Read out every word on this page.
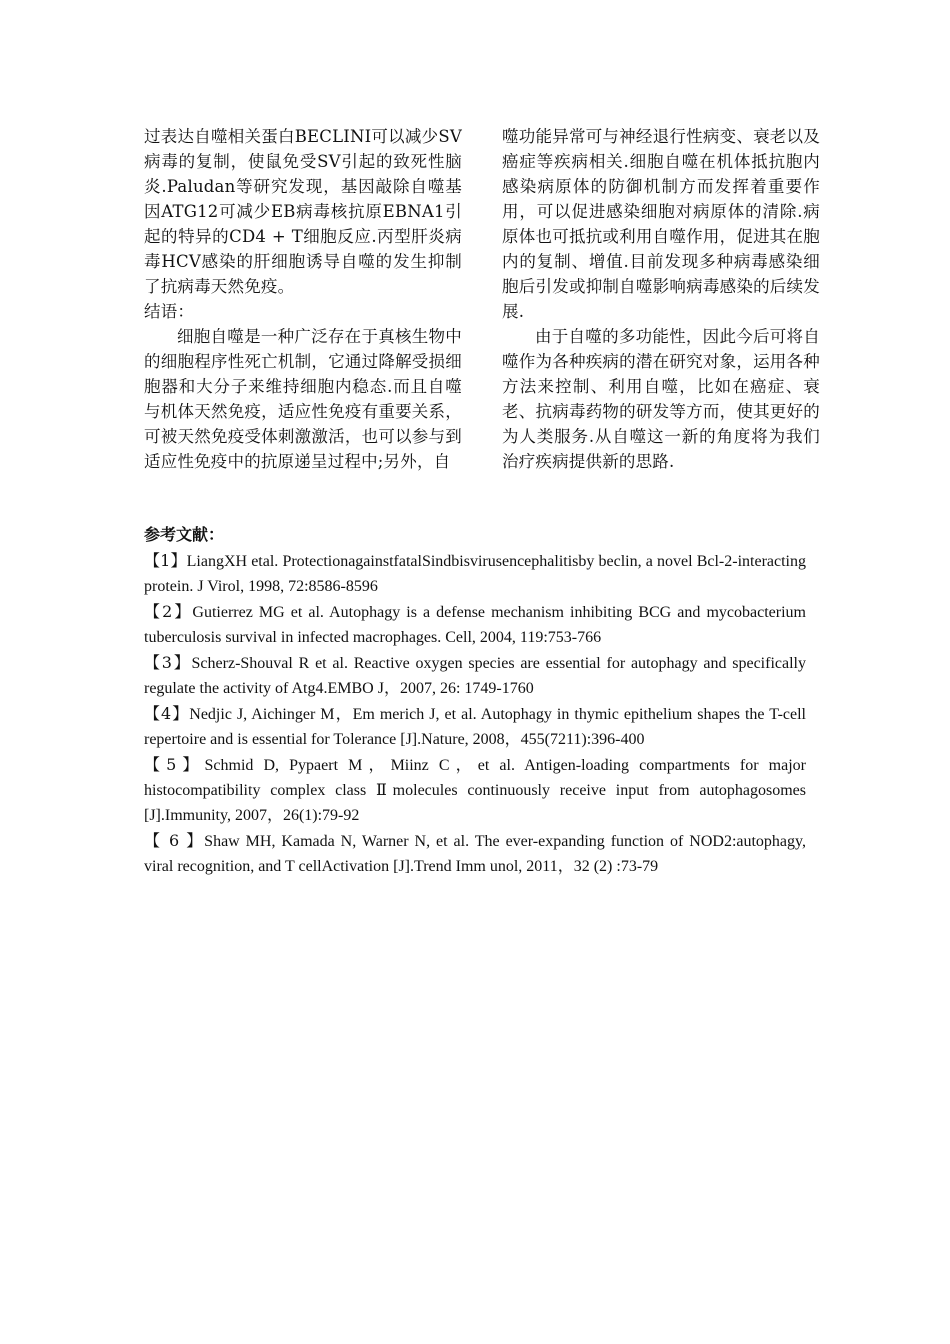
过表达自噬相关蛋白BECLINI可以减少SV病毒的复制，使鼠免受SV引起的致死性脑炎.Paludan等研究发现，基因敲除自噬基因ATG12可减少EB病毒核抗原EBNA1引起的特异的CD4 + T细胞反应.丙型肝炎病毒HCV感染的肝细胞诱导自噬的发生抑制了抗病毒天然免疫。

结语：

细胞自噬是一种广泛存在于真核生物中的细胞程序性死亡机制，它通过降解受损细胞器和大分子来维持细胞内稳态.而且自噬与机体天然免疫，适应性免疫有重要关系，可被天然免疫受体刺激激活，也可以参与到适应性免疫中的抗原递呈过程中;另外，自

噬功能异常可与神经退行性病变、衰老以及癌症等疾病相关.细胞自噬在机体抵抗胞内感染病原体的防御机制方而发挥着重要作用，可以促进感染细胞对病原体的清除.病原体也可抵抗或利用自噬作用，促进其在胞内的复制、增值.目前发现多种病毒感染细胞后引发或抑制自噬影响病毒感染的后续发展.

由于自噬的多功能性，因此今后可将自噬作为各种疾病的潜在研究对象，运用各种方法来控制、利用自噬，比如在癌症、衰老、抗病毒药物的研发等方而，使其更好的为人类服务.从自噬这一新的角度将为我们治疗疾病提供新的思路.

参考文献：

【1】LiangXH etal. ProtectionagainstfatalSindbisvirusencephalitisby beclin, a novel Bcl-2-interacting protein. J Virol, 1998, 72:8586-8596

【2】Gutierrez MG et al. Autophagy is a defense mechanism inhibiting BCG and mycobacterium tuberculosis survival in infected macrophages. Cell, 2004, 119:753-766

【3】Scherz-Shouval R et al. Reactive oxygen species are essential for autophagy and specifically regulate the activity of Atg4.EMBO J，2007, 26: 1749-1760

【4】Nedjic J, Aichinger M，Em merich J, et al. Autophagy in thymic epithelium shapes the T-cell repertoire and is essential for Tolerance [J].Nature, 2008，455(7211):396-400

【5】Schmid D, Pypaert M，Miinz C，et al. Antigen-loading compartments for major histocompatibility complex class Ⅱmolecules continuously receive input from autophagosomes [J].Immunity, 2007，26(1):79-92

【 6 】Shaw MH, Kamada N, Warner N, et al. The ever-expanding function of NOD2:autophagy, viral recognition, and T cellActivation [J].Trend Imm unol, 2011，32 (2) :73-79
